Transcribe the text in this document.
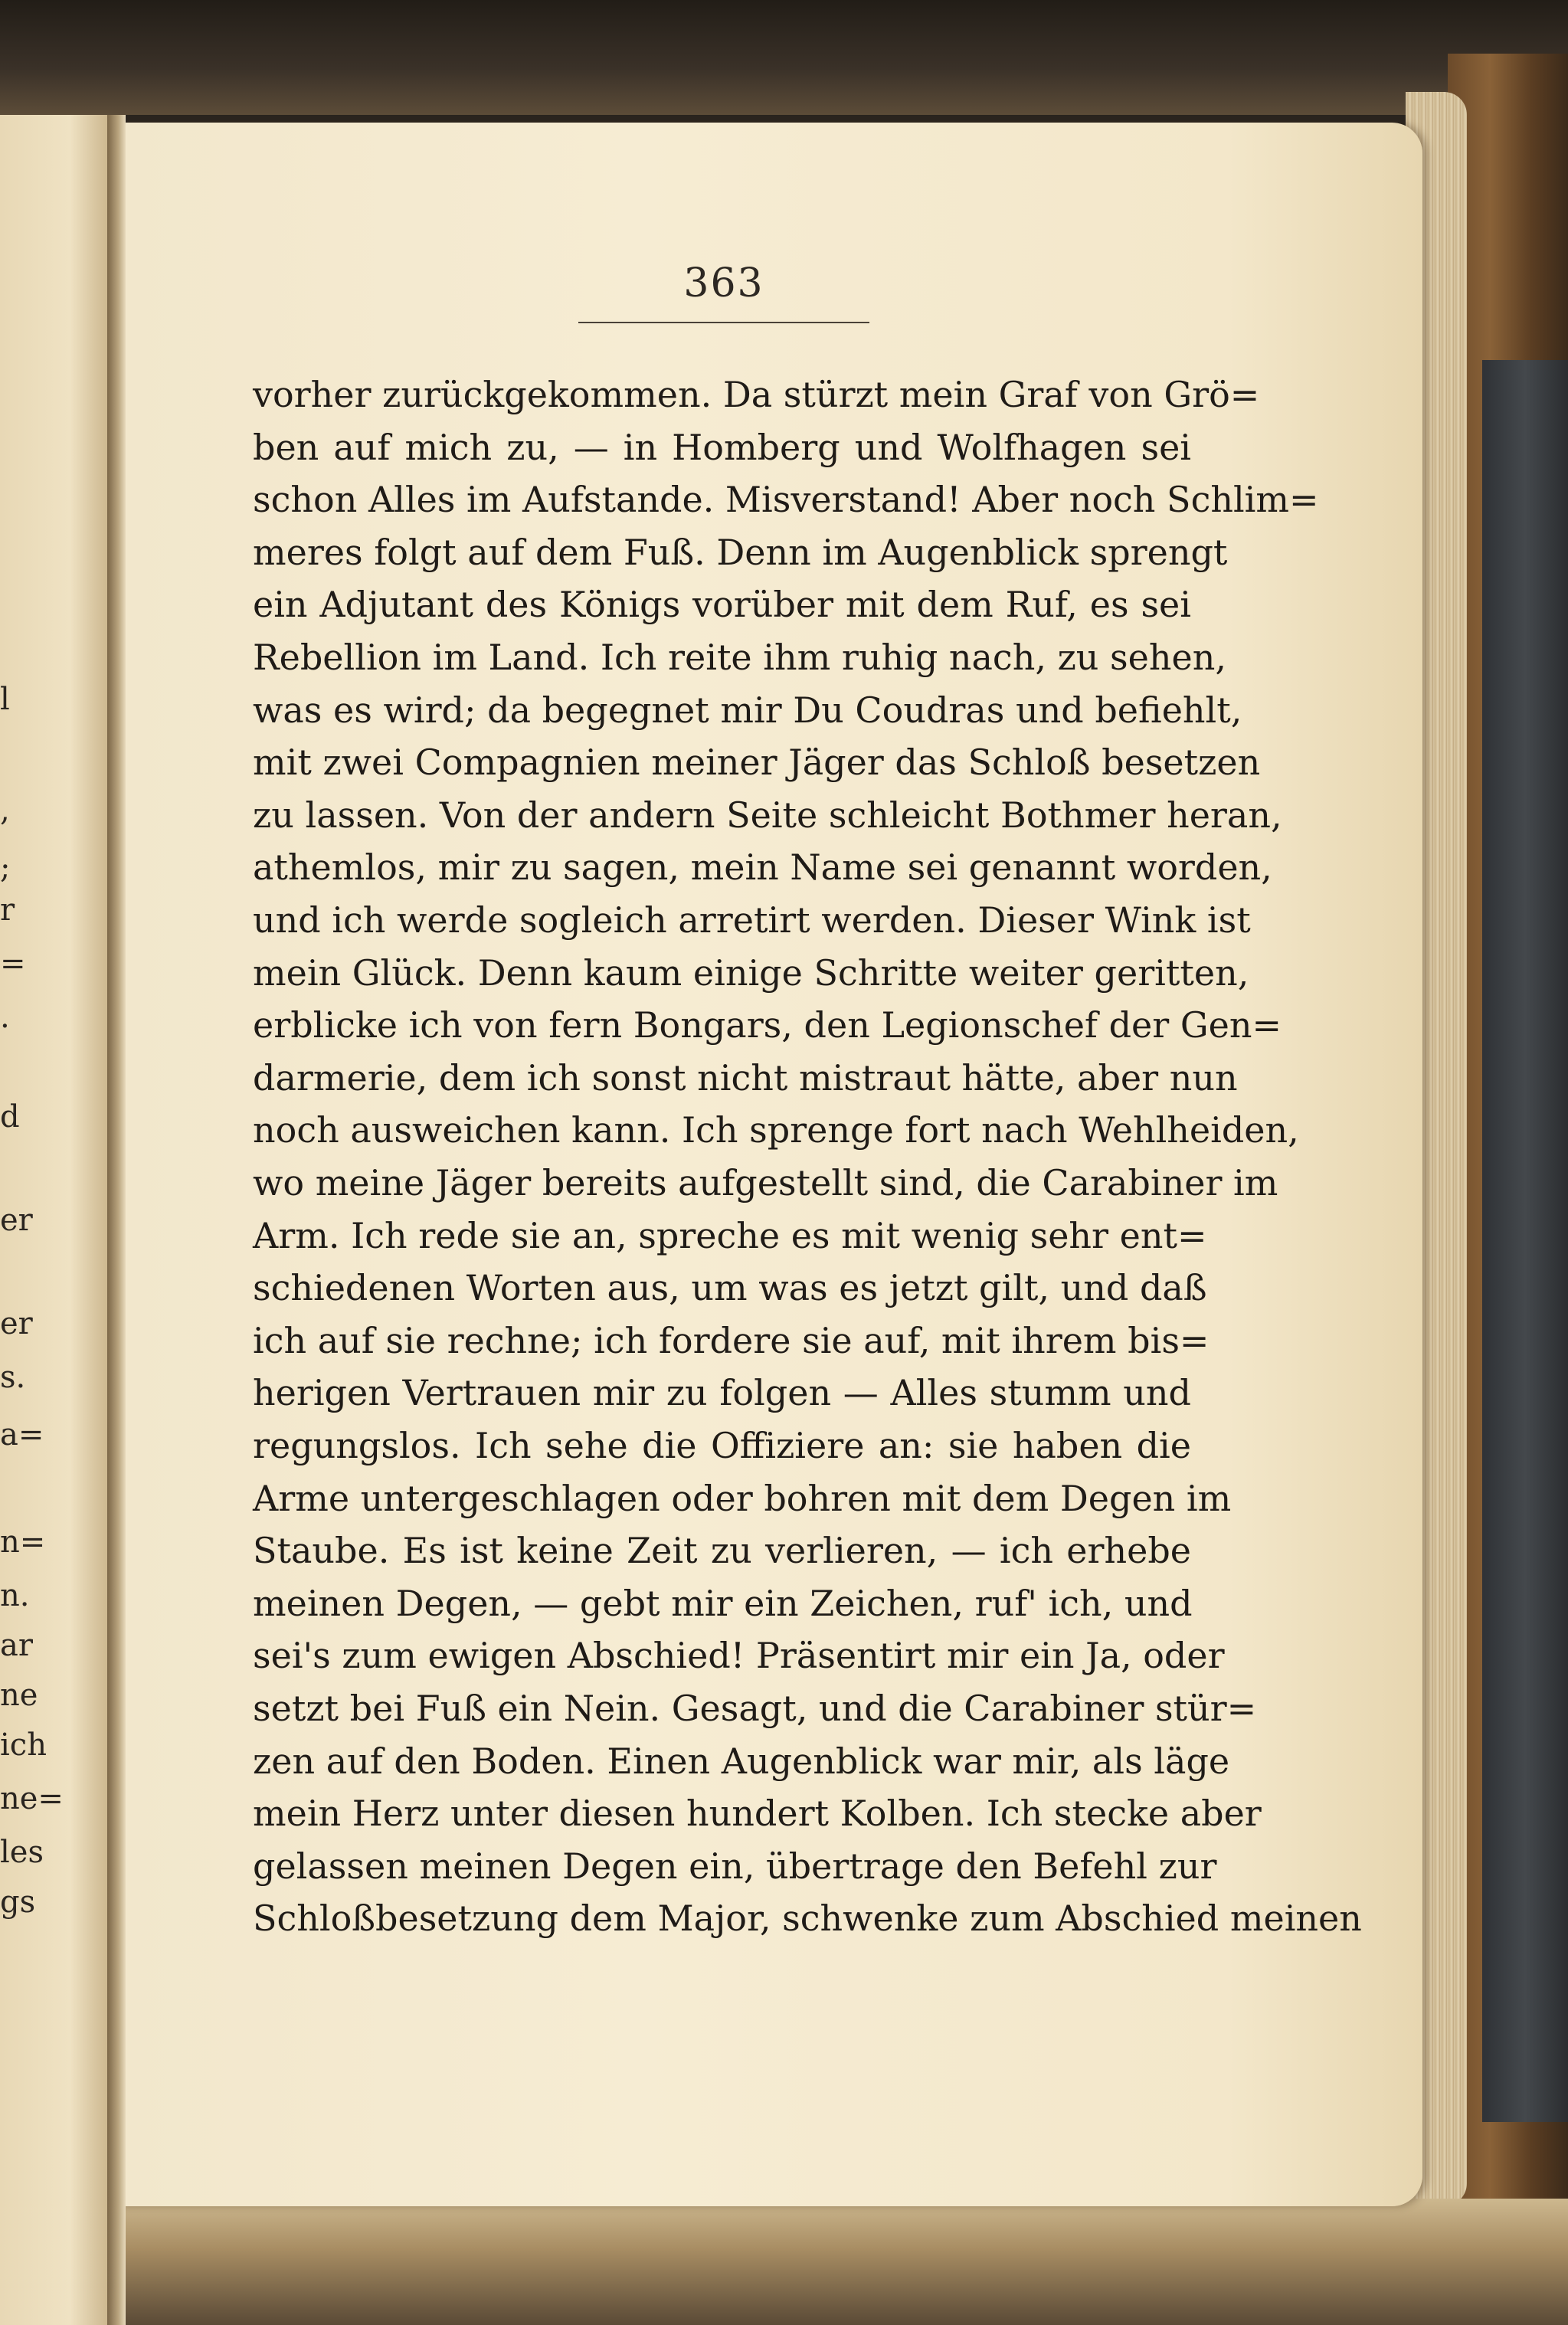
l
,
;
r
=
.
d
er
er
s.
a=
n=
n.
ar
ne
ich
ne=
les
gs
363
vorher zurückgekommen. Da stürzt mein Graf von Grö=
ben auf mich zu, — in Homberg und Wolfhagen sei
schon Alles im Aufstande. Misverstand! Aber noch Schlim=
meres folgt auf dem Fuß. Denn im Augenblick sprengt
ein Adjutant des Königs vorüber mit dem Ruf, es sei
Rebellion im Land. Ich reite ihm ruhig nach, zu sehen,
was es wird; da begegnet mir Du Coudras und befiehlt,
mit zwei Compagnien meiner Jäger das Schloß besetzen
zu lassen. Von der andern Seite schleicht Bothmer heran,
athemlos, mir zu sagen, mein Name sei genannt worden,
und ich werde sogleich arretirt werden. Dieser Wink ist
mein Glück. Denn kaum einige Schritte weiter geritten,
erblicke ich von fern Bongars, den Legionschef der Gen=
darmerie, dem ich sonst nicht mistraut hätte, aber nun
noch ausweichen kann. Ich sprenge fort nach Wehlheiden,
wo meine Jäger bereits aufgestellt sind, die Carabiner im
Arm. Ich rede sie an, spreche es mit wenig sehr ent=
schiedenen Worten aus, um was es jetzt gilt, und daß
ich auf sie rechne; ich fordere sie auf, mit ihrem bis=
herigen Vertrauen mir zu folgen — Alles stumm und
regungslos. Ich sehe die Offiziere an: sie haben die
Arme untergeschlagen oder bohren mit dem Degen im
Staube. Es ist keine Zeit zu verlieren, — ich erhebe
meinen Degen, — gebt mir ein Zeichen, ruf' ich, und
sei's zum ewigen Abschied! Präsentirt mir ein Ja, oder
setzt bei Fuß ein Nein. Gesagt, und die Carabiner stür=
zen auf den Boden. Einen Augenblick war mir, als läge
mein Herz unter diesen hundert Kolben. Ich stecke aber
gelassen meinen Degen ein, übertrage den Befehl zur
Schloßbesetzung dem Major, schwenke zum Abschied meinen
